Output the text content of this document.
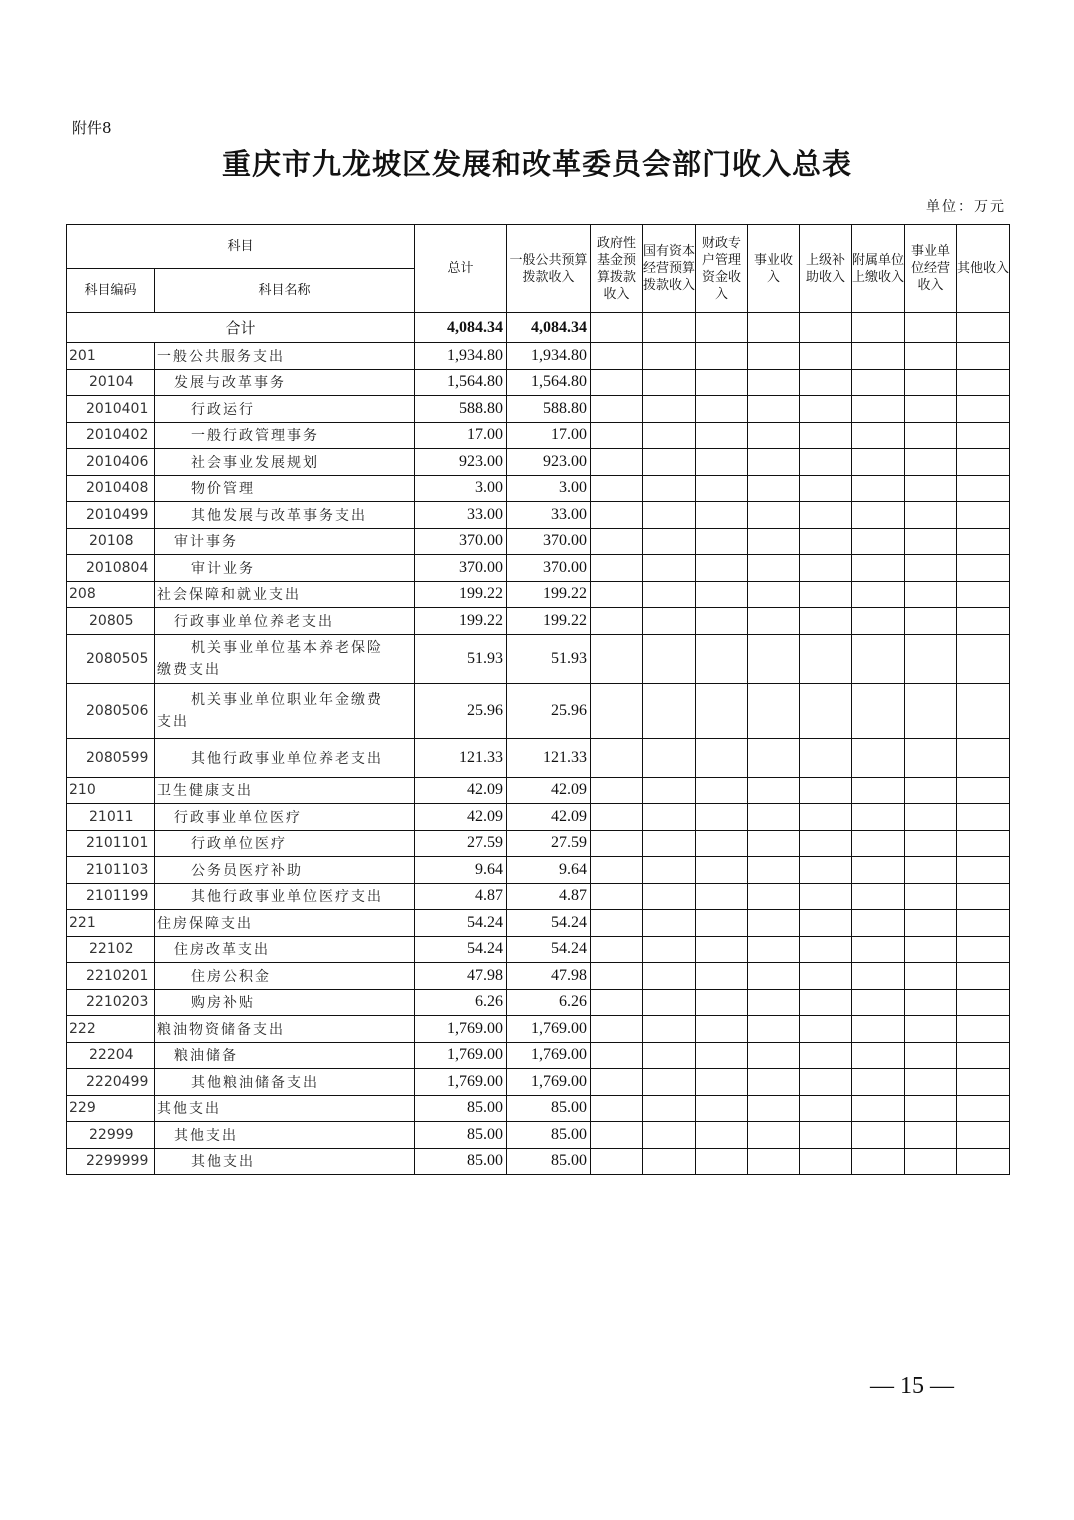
附件8
重庆市九龙坡区发展和改革委员会部门收入总表
单位：万元
科目		总计	一般公共预算拨款收入	政府性基金预算拨款收入	国有资本经营预算拨款收入	财政专户管理资金收入	事业收入	上级补助收入	附属单位上缴收入	事业单位经营收入	其他收入
科目编码	科目名称										
合计		4,084.34	4,084.34								
201	一般公共服务支出	1,934.80	1,934.80								
20104	发展与改革事务	1,564.80	1,564.80								
2010401	行政运行	588.80	588.80								
2010402	一般行政管理事务	17.00	17.00								
2010406	社会事业发展规划	923.00	923.00								
2010408	物价管理	3.00	3.00								
2010499	其他发展与改革事务支出	33.00	33.00								
20108	审计事务	370.00	370.00								
2010804	审计业务	370.00	370.00								
208	社会保障和就业支出	199.22	199.22								
20805	行政事业单位养老支出	199.22	199.22								
2080505	机关事业单位基本养老保险
缴费支出	51.93	51.93								
2080506	机关事业单位职业年金缴费
支出	25.96	25.96								
2080599	其他行政事业单位养老支出	121.33	121.33								
210	卫生健康支出	42.09	42.09								
21011	行政事业单位医疗	42.09	42.09								
2101101	行政单位医疗	27.59	27.59								
2101103	公务员医疗补助	9.64	9.64								
2101199	其他行政事业单位医疗支出	4.87	4.87								
221	住房保障支出	54.24	54.24								
22102	住房改革支出	54.24	54.24								
2210201	住房公积金	47.98	47.98								
2210203	购房补贴	6.26	6.26								
222	粮油物资储备支出	1,769.00	1,769.00								
22204	粮油储备	1,769.00	1,769.00								
2220499	其他粮油储备支出	1,769.00	1,769.00								
229	其他支出	85.00	85.00								
22999	其他支出	85.00	85.00								
2299999	其他支出	85.00	85.00								
— 15 —
